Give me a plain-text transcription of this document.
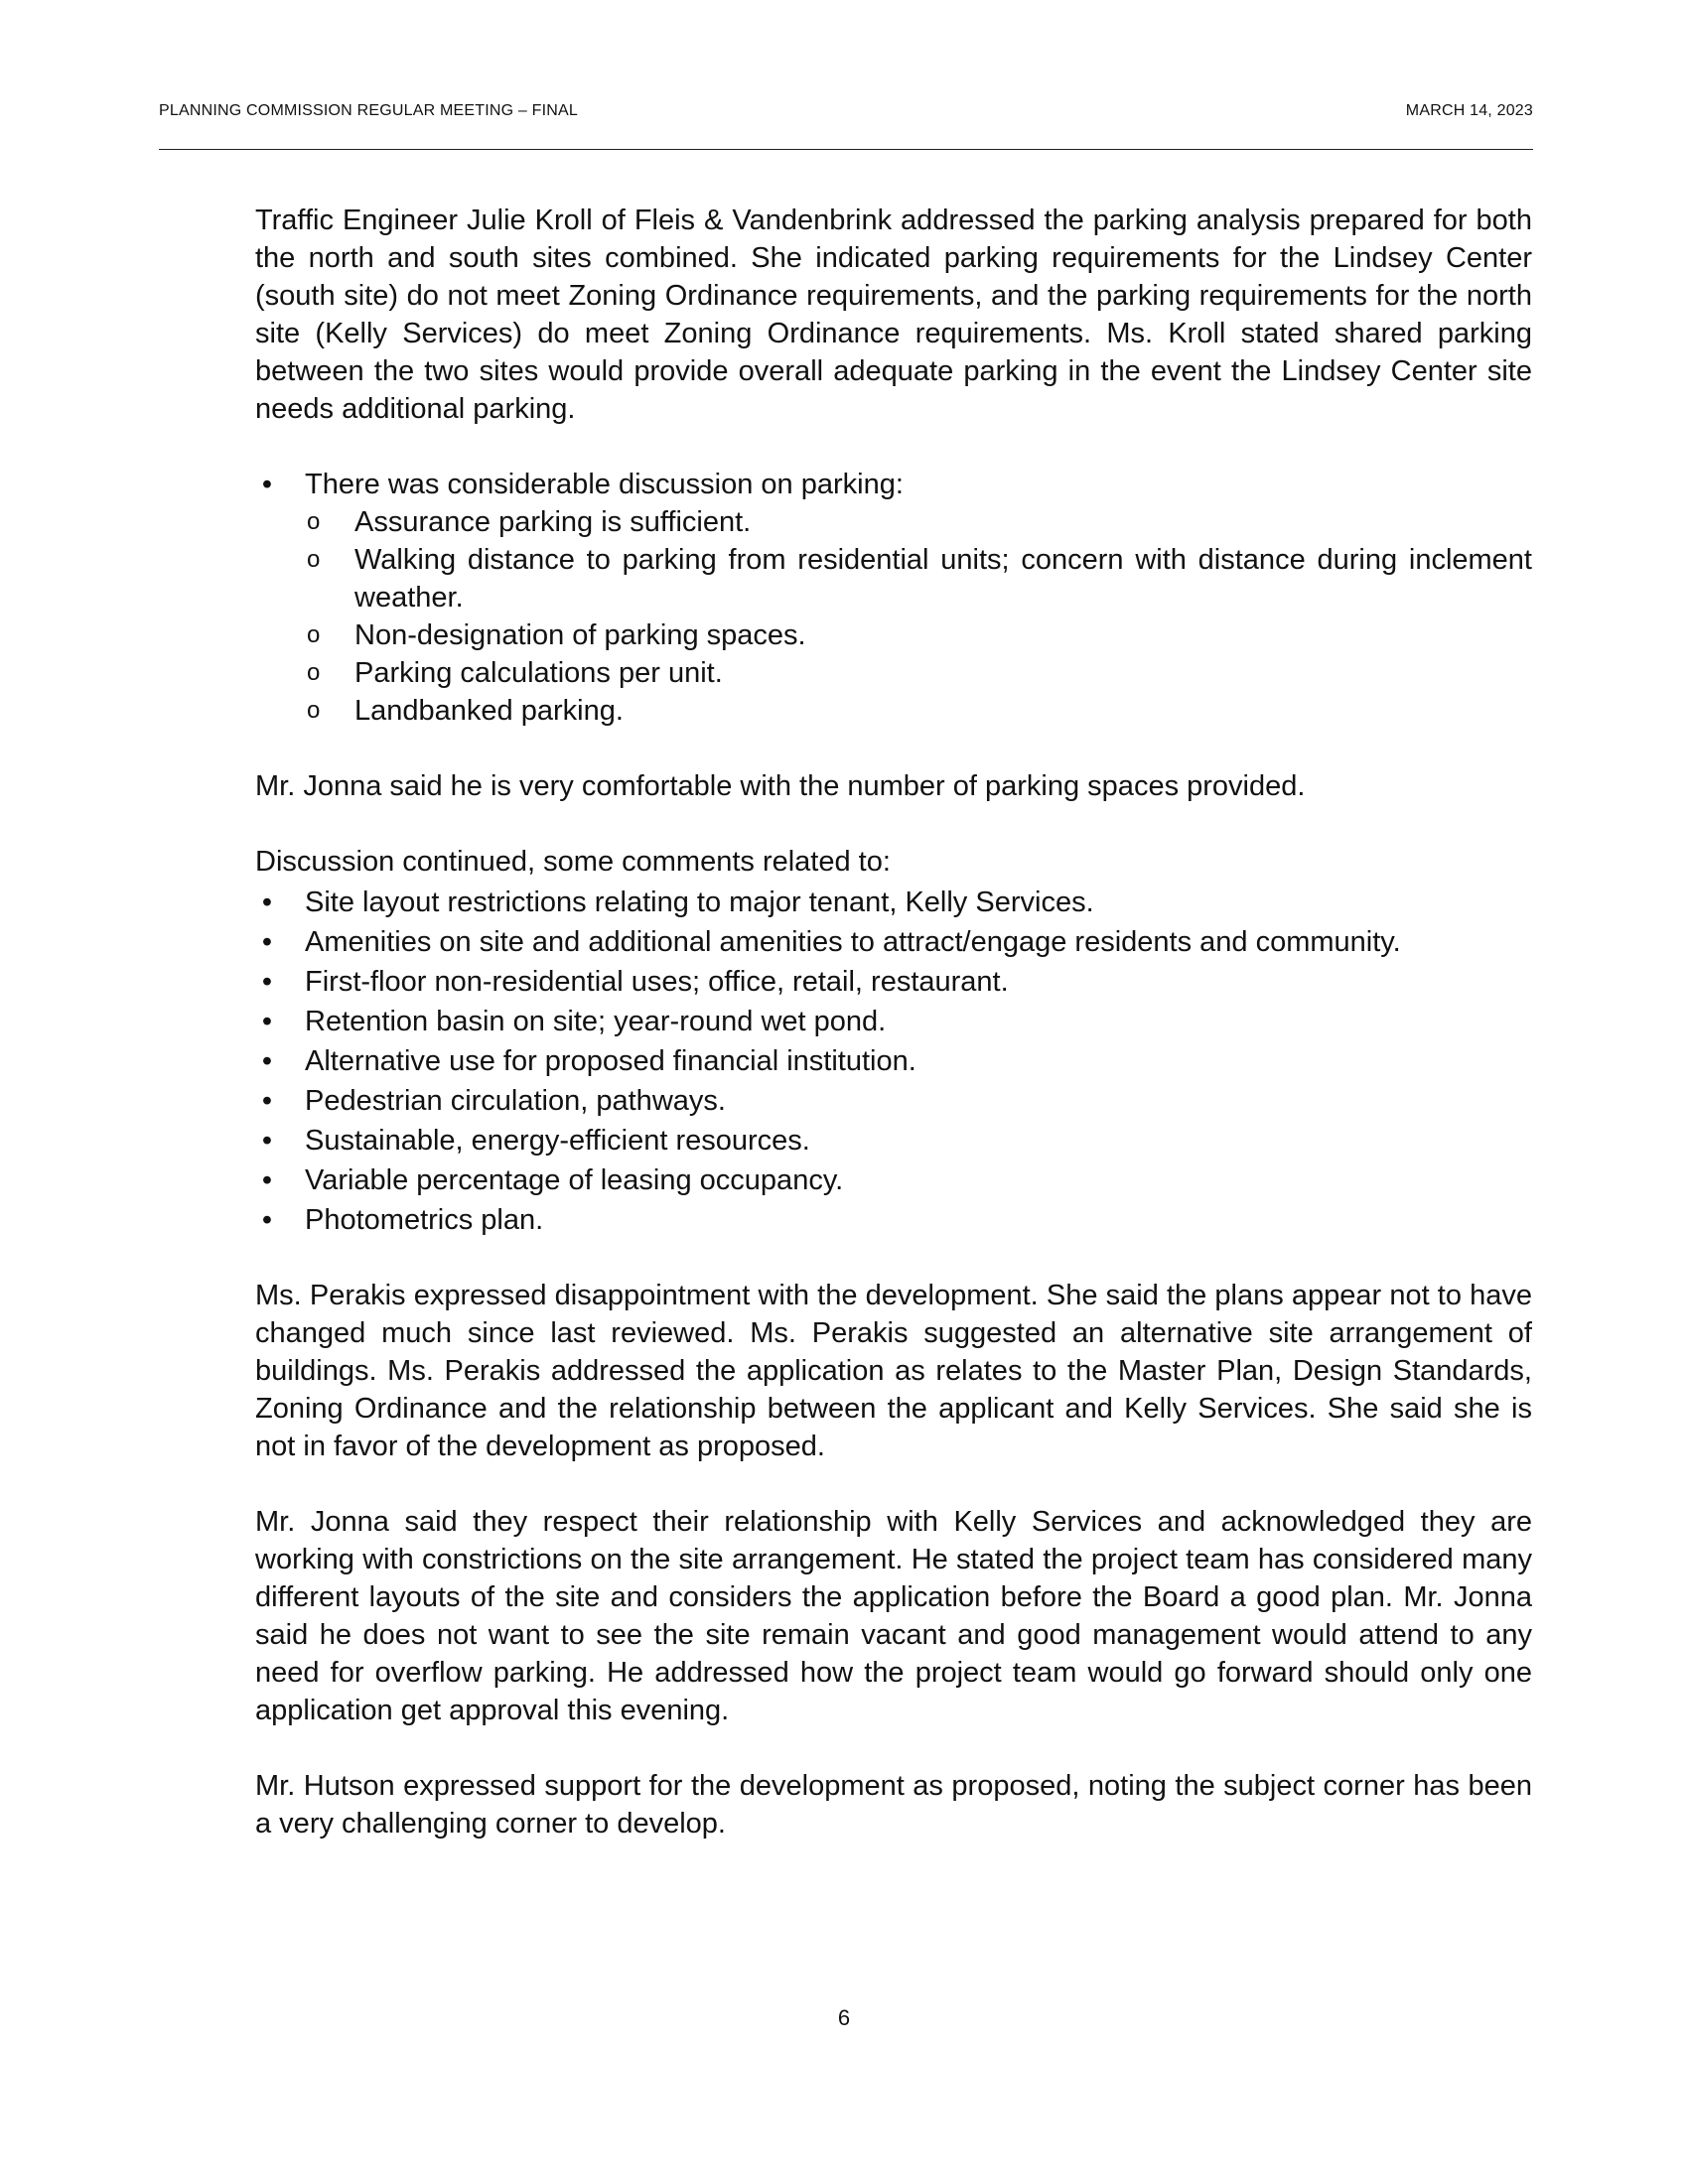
PLANNING COMMISSION REGULAR MEETING – FINAL	MARCH 14, 2023

Traffic Engineer Julie Kroll of Fleis & Vandenbrink addressed the parking analysis prepared for both the north and south sites combined. She indicated parking requirements for the Lindsey Center (south site) do not meet Zoning Ordinance requirements, and the parking requirements for the north site (Kelly Services) do meet Zoning Ordinance requirements. Ms. Kroll stated shared parking between the two sites would provide overall adequate parking in the event the Lindsey Center site needs additional parking.

• There was considerable discussion on parking:
o Assurance parking is sufficient.
o Walking distance to parking from residential units; concern with distance during inclement weather.
o Non-designation of parking spaces.
o Parking calculations per unit.
o Landbanked parking.

Mr. Jonna said he is very comfortable with the number of parking spaces provided.

Discussion continued, some comments related to:

• Site layout restrictions relating to major tenant, Kelly Services.
• Amenities on site and additional amenities to attract/engage residents and community.
• First-floor non-residential uses; office, retail, restaurant.
• Retention basin on site; year-round wet pond.
• Alternative use for proposed financial institution.
• Pedestrian circulation, pathways.
• Sustainable, energy-efficient resources.
• Variable percentage of leasing occupancy.
• Photometrics plan.

Ms. Perakis expressed disappointment with the development. She said the plans appear not to have changed much since last reviewed. Ms. Perakis suggested an alternative site arrangement of buildings. Ms. Perakis addressed the application as relates to the Master Plan, Design Standards, Zoning Ordinance and the relationship between the applicant and Kelly Services. She said she is not in favor of the development as proposed.

Mr. Jonna said they respect their relationship with Kelly Services and acknowledged they are working with constrictions on the site arrangement. He stated the project team has considered many different layouts of the site and considers the application before the Board a good plan. Mr. Jonna said he does not want to see the site remain vacant and good management would attend to any need for overflow parking. He addressed how the project team would go forward should only one application get approval this evening.

Mr. Hutson expressed support for the development as proposed, noting the subject corner has been a very challenging corner to develop.

6
